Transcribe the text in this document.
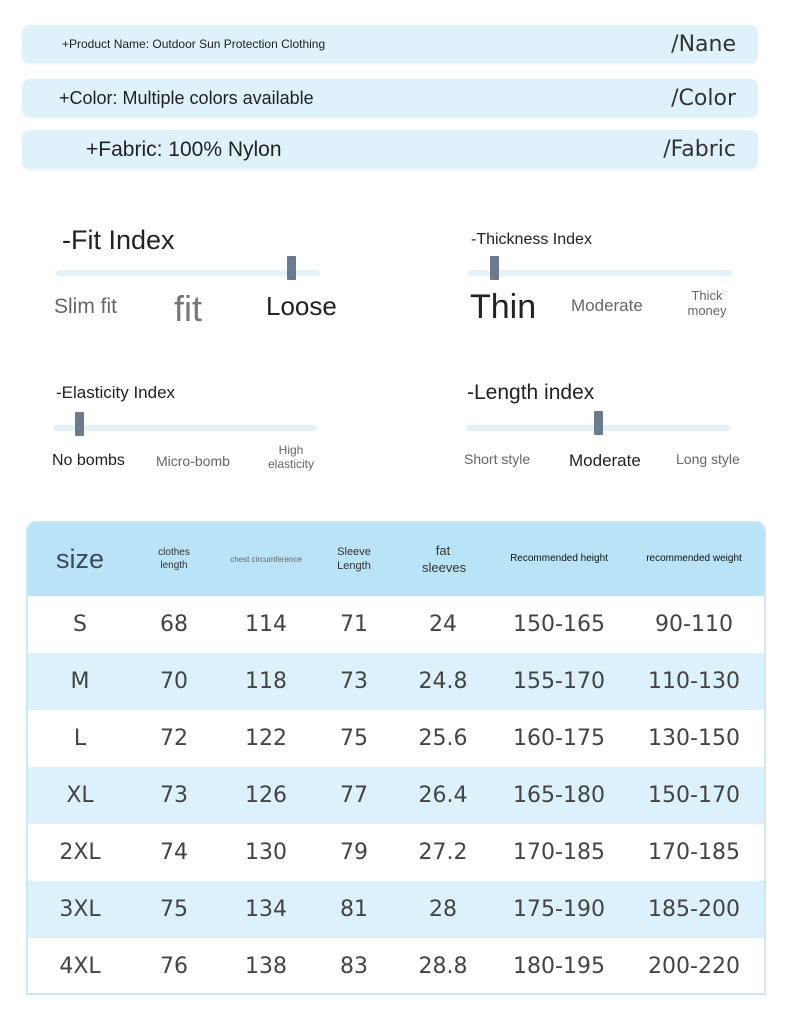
+Product Name: Outdoor Sun Protection Clothing	/Nane
+Color: Multiple colors available	/Color
+Fabric: 100% Nylon	/Fabric
-Fit Index
Slim fit fit Loose
-Thickness Index
Thin Moderate
Thick money
-Elasticity Index
No bombs Micro-bomb
High elasticity
-Length index
Short style Moderate	Long style
size	clothes length	chest circumference	Sleeve Length	fat sleeves	Recommended height	recommended weight
S	68	114	71	24	150-165	90-110
M	70	118	73	24.8	155-170	110-130
L	72	122	75	25.6	160-175	130-150
XL	73	126	77	26.4	165-180	150-170
2XL	74	130	79	27.2	170-185	170-185
3XL	75	134	81	28	175-190	185-200
4XL	76	138	83	28.8	180-195	200-220
